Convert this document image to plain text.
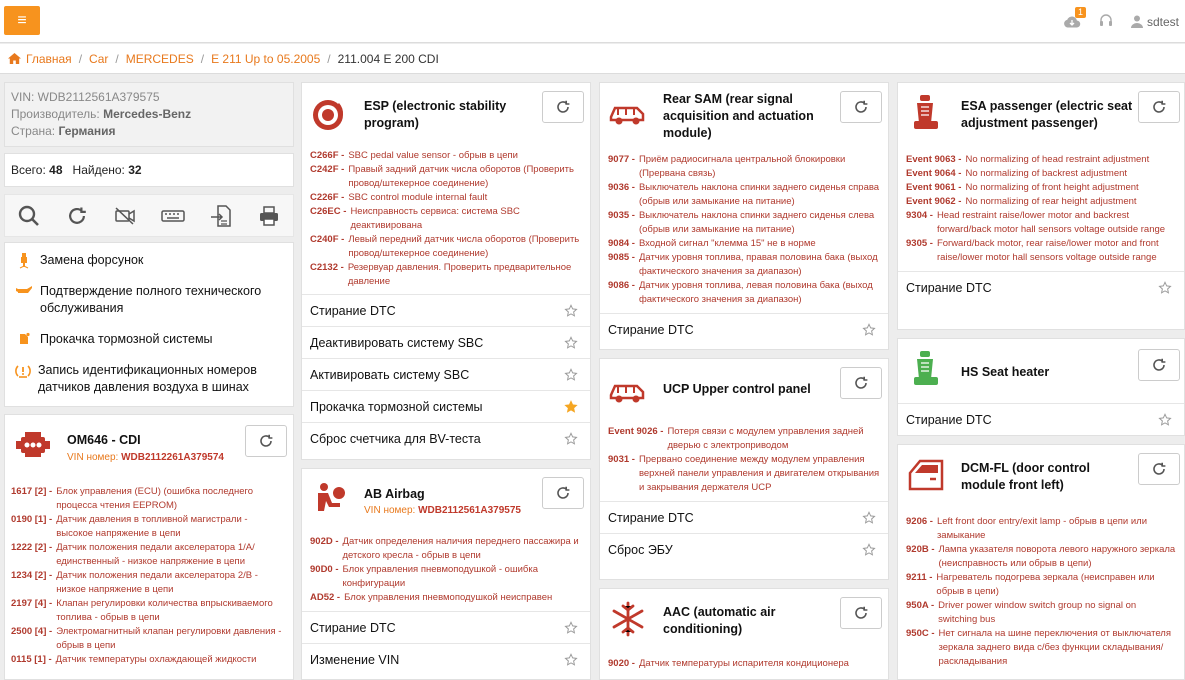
≡
1
sdtest
Главная / Car / MERCEDES / E 211 Up to 05.2005 / 211.004 E 200 CDI
VIN: WDB2112561A379575
Производитель: Mercedes-Benz
Страна: Германия
Всего: 48 Найдено: 32
Замена форсунок
Подтверждение полного технического обслуживания
Прокачка тормозной системы
Запись идентификационных номеров датчиков давления воздуха в шинах
OM646 - CDI
VIN номер: WDB2112261A379574
1617 [2] - Блок управления (ECU) (ошибка последнего процесса чтения EEPROM)
0190 [1] - Датчик давления в топливной магистрали - высокое напряжение в цепи
1222 [2] - Датчик положения педали акселератора 1/А/ единственный - низкое напряжение в цепи
1234 [2] - Датчик положения педали акселератора 2/В - низкое напряжение в цепи
2197 [4] - Клапан регулировки количества впрыскиваемого топлива - обрыв в цепи
2500 [4] - Электромагнитный клапан регулировки давления - обрыв в цепи
0115 [1] - Датчик температуры охлаждающей жидкости
ESP (electronic stability program)
C266F - SBC pedal value sensor - обрыв в цепи
C242F - Правый задний датчик числа оборотов (Проверить провод/штекерное соединение)
C226F - SBC control module internal fault
C26EC - Неисправность сервиса: система SBC деактивирована
C240F - Левый передний датчик числа оборотов (Проверить провод/штекерное соединение)
C2132 - Резервуар давления. Проверить предварительное давление
Стирание DTC
Деактивировать систему SBC
Активировать систему SBC
Прокачка тормозной системы
Сброс счетчика для BV-теста
AB Airbag
VIN номер: WDB2112561A379575
902D - Датчик определения наличия переднего пассажира и детского кресла - обрыв в цепи
90D0 - Блок управления пневмоподушкой - ошибка конфигурации
AD52 - Блок управления пневмоподушкой неисправен
Стирание DTC
Изменение VIN
Rear SAM (rear signal acquisition and actuation module)
9077 - Приём радиосигнала центральной блокировки (Прервана связь)
9036 - Выключатель наклона спинки заднего сиденья справа (обрыв или замыкание на питание)
9035 - Выключатель наклона спинки заднего сиденья слева (обрыв или замыкание на питание)
9084 - Входной сигнал "клемма 15" не в норме
9085 - Датчик уровня топлива, правая половина бака (выход фактического значения за диапазон)
9086 - Датчик уровня топлива, левая половина бака (выход фактического значения за диапазон)
Стирание DTC
UCP Upper control panel
Event 9026 - Потеря связи с модулем управления задней дверью с электроприводом
9031 - Прервано соединение между модулем управления верхней панели управления и двигателем открывания и закрывания держателя UCP
Стирание DTC
Сброс ЭБУ
AAC (automatic air conditioning)
9020 - Датчик температуры испарителя кондиционера
ESA passenger (electric seat adjustment passenger)
Event 9063 - No normalizing of head restraint adjustment
Event 9064 - No normalizing of backrest adjustment
Event 9061 - No normalizing of front height adjustment
Event 9062 - No normalizing of rear height adjustment
9304 - Head restraint raise/lower motor and backrest forward/back motor hall sensors voltage outside range
9305 - Forward/back motor, rear raise/lower motor and front raise/lower motor hall sensors voltage outside range
Стирание DTC
HS Seat heater
Стирание DTC
DCM-FL (door control module front left)
9206 - Left front door entry/exit lamp - обрыв в цепи или замыкание
920B - Лампа указателя поворота левого наружного зеркала (неисправность или обрыв в цепи)
9211 - Нагреватель подогрева зеркала (неисправен или обрыв в цепи)
950A - Driver power window switch group no signal on switching bus
950C - Нет сигнала на шине переключения от выключателя зеркала заднего вида с/без функции складывания/раскладывания
